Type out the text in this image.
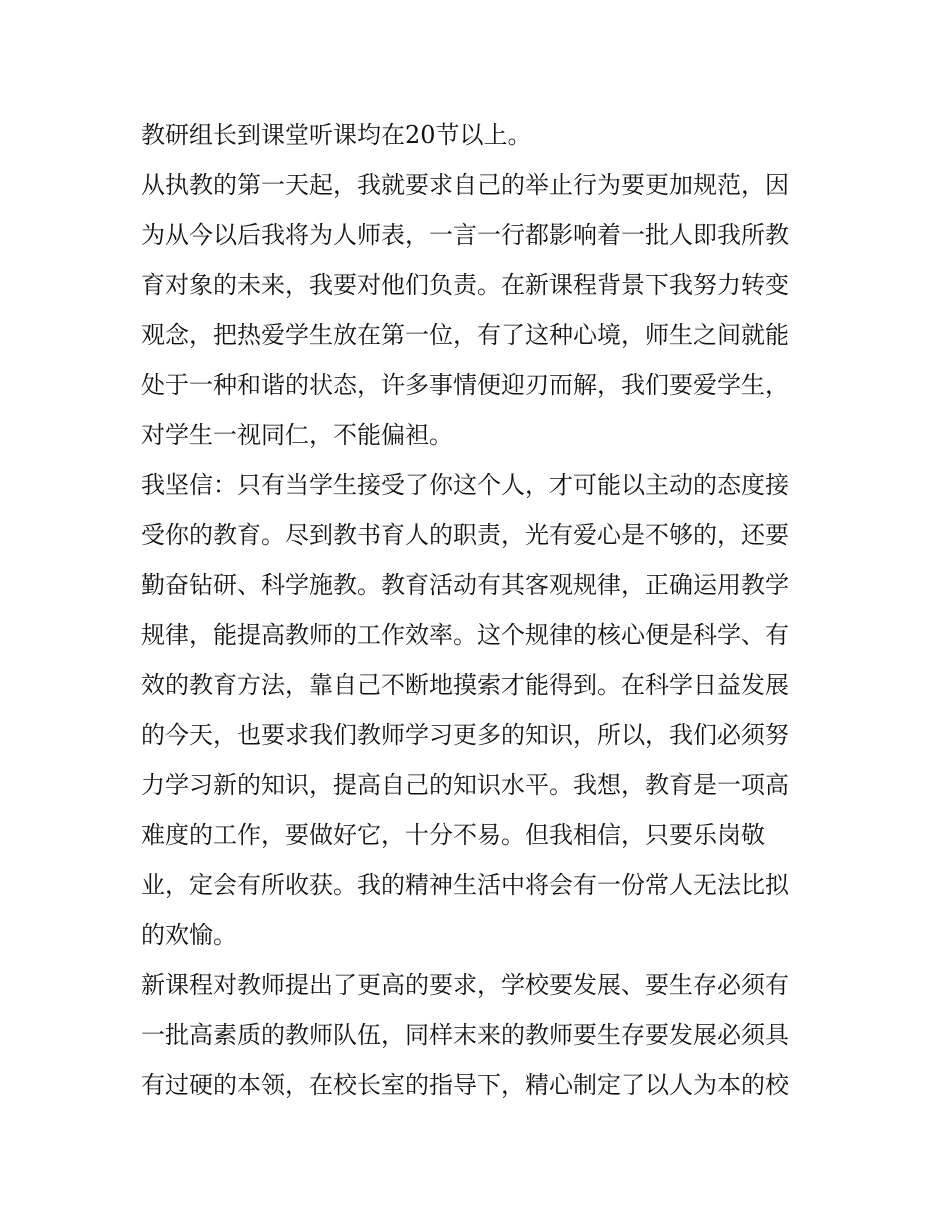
教研组长到课堂听课均在20节以上。
从执教的第一天起，我就要求自己的举止行为要更加规范，因
为从今以后我将为人师表，一言一行都影响着一批人即我所教
育对象的未来，我要对他们负责。在新课程背景下我努力转变
观念，把热爱学生放在第一位，有了这种心境，师生之间就能
处于一种和谐的状态，许多事情便迎刃而解，我们要爱学生，
对学生一视同仁，不能偏袒。
我坚信：只有当学生接受了你这个人，才可能以主动的态度接
受你的教育。尽到教书育人的职责，光有爱心是不够的，还要
勤奋钻研、科学施教。教育活动有其客观规律，正确运用教学
规律，能提高教师的工作效率。这个规律的核心便是科学、有
效的教育方法，靠自己不断地摸索才能得到。在科学日益发展
的今天，也要求我们教师学习更多的知识，所以，我们必须努
力学习新的知识，提高自己的知识水平。我想，教育是一项高
难度的工作，要做好它，十分不易。但我相信，只要乐岗敬
业，定会有所收获。我的精神生活中将会有一份常人无法比拟
的欢愉。
新课程对教师提出了更高的要求，学校要发展、要生存必须有
一批高素质的教师队伍，同样末来的教师要生存要发展必须具
有过硬的本领，在校长室的指导下，精心制定了以人为本的校
